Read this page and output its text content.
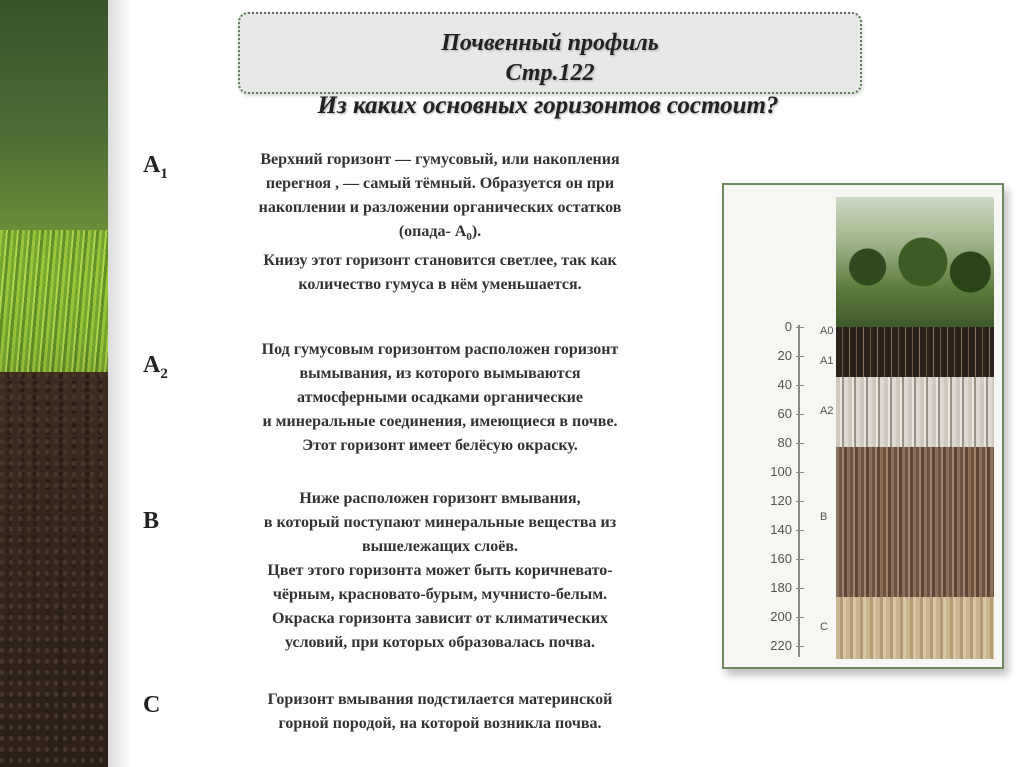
Почвенный профиль
Стр.122
Из каких основных горизонтов состоит?
$A_1$
Верхний горизонт — гумусовый, или накопления
перегноя , — самый тёмный. Образуется он при
накоплении и разложении органических остатков
(опада- $А_0$).
Книзу этот горизонт становится светлее, так как
количество гумуса в нём уменьшается.
$A_2$
Под гумусовым горизонтом расположен горизонт
вымывания, из которого вымываются
атмосферными осадками органические
и минеральные соединения, имеющиеся в почве.
Этот горизонт имеет белёсую окраску.
B
Ниже расположен горизонт вмывания,
в который поступают минеральные вещества из
вышележащих слоёв.
Цвет этого горизонта может быть коричневато-
чёрным, красновато-бурым, мучнисто-белым.
Окраска горизонта зависит от климатических
условий, при которых образовалась почва.
C	Горизонт вмывания подстилается материнской
горной породой, на которой возникла почва.
0
20
40
60
80
100
120
140
160
180
200
220
A0
A1
A2
B
C
